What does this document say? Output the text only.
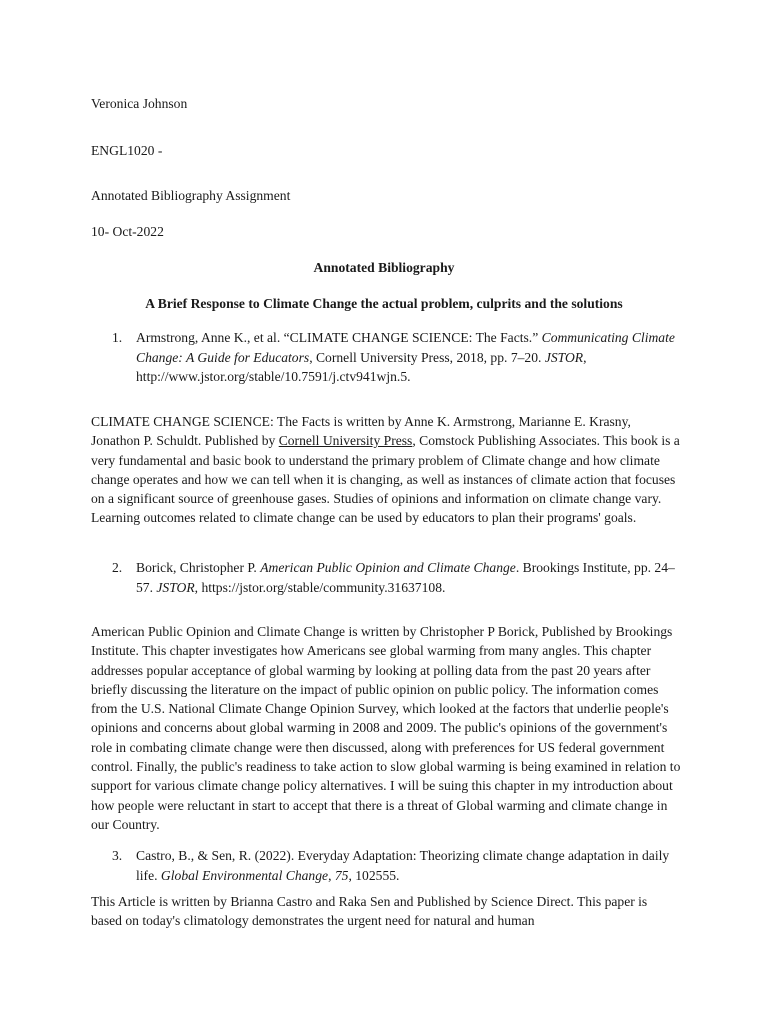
Veronica Johnson
ENGL1020 -
Annotated Bibliography Assignment
10- Oct-2022
Annotated Bibliography
A Brief Response to Climate Change the actual problem, culprits and the solutions
1.	Armstrong, Anne K., et al. “CLIMATE CHANGE SCIENCE: The Facts.” Communicating Climate Change: A Guide for Educators, Cornell University Press, 2018, pp. 7–20. JSTOR, http://www.jstor.org/stable/10.7591/j.ctv941wjn.5.
CLIMATE CHANGE SCIENCE: The Facts is written by Anne K. Armstrong, Marianne E. Krasny, Jonathon P. Schuldt. Published by Cornell University Press, Comstock Publishing Associates. This book is a very fundamental and basic book to understand the primary problem of Climate change and how climate change operates and how we can tell when it is changing, as well as instances of climate action that focuses on a significant source of greenhouse gases. Studies of opinions and information on climate change vary. Learning outcomes related to climate change can be used by educators to plan their programs' goals.
2.	Borick, Christopher P. American Public Opinion and Climate Change. Brookings Institute, pp. 24–57. JSTOR, https://jstor.org/stable/community.31637108.
American Public Opinion and Climate Change is written by Christopher P Borick, Published by Brookings Institute. This chapter investigates how Americans see global warming from many angles. This chapter addresses popular acceptance of global warming by looking at polling data from the past 20 years after briefly discussing the literature on the impact of public opinion on public policy. The information comes from the U.S. National Climate Change Opinion Survey, which looked at the factors that underlie people's opinions and concerns about global warming in 2008 and 2009. The public's opinions of the government's role in combating climate change were then discussed, along with preferences for US federal government control. Finally, the public's readiness to take action to slow global warming is being examined in relation to support for various climate change policy alternatives. I will be suing this chapter in my introduction about how people were reluctant in start to accept that there is a threat of Global warming and climate change in our Country.
3.	Castro, B., & Sen, R. (2022). Everyday Adaptation: Theorizing climate change adaptation in daily life. Global Environmental Change, 75, 102555.
This Article is written by Brianna Castro and Raka Sen and Published by Science Direct. This paper is based on today's climatology demonstrates the urgent need for natural and human
